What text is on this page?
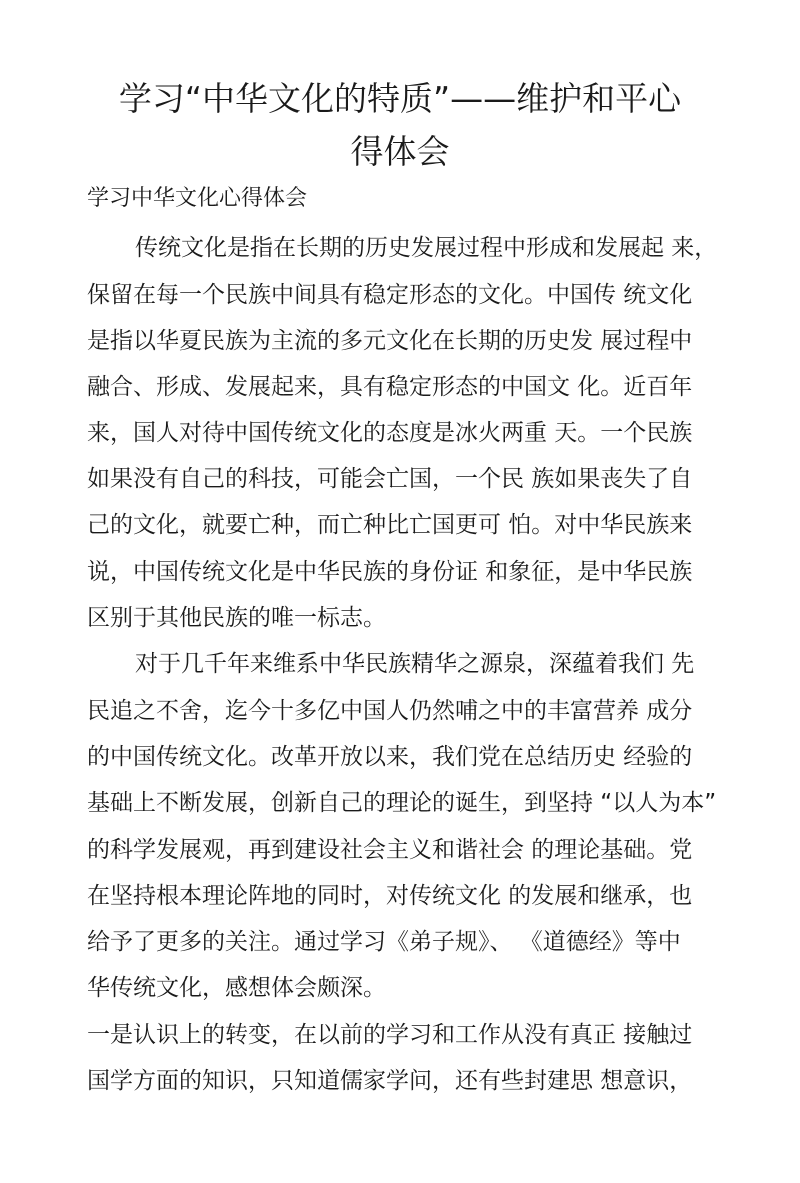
学习“中华文化的特质”——维护和平心
得体会
学习中华文化心得体会
传统文化是指在长期的历史发展过程中形成和发展起 来，
保留在每一个民族中间具有稳定形态的文化。中国传 统文化
是指以华夏民族为主流的多元文化在长期的历史发 展过程中
融合、形成、发展起来，具有稳定形态的中国文 化。近百年
来，国人对待中国传统文化的态度是冰火两重 天。一个民族
如果没有自己的科技，可能会亡国，一个民 族如果丧失了自
己的文化，就要亡种，而亡种比亡国更可 怕。对中华民族来
说，中国传统文化是中华民族的身份证 和象征，是中华民族
区别于其他民族的唯一标志。
对于几千年来维系中华民族精华之源泉，深蕴着我们 先
民追之不舍，迄今十多亿中国人仍然哺之中的丰富营养 成分
的中国传统文化。改革开放以来，我们党在总结历史 经验的
基础上不断发展，创新自己的理论的诞生，到坚持 “以人为本”
的科学发展观，再到建设社会主义和谐社会 的理论基础。党
在坚持根本理论阵地的同时，对传统文化 的发展和继承，也
给予了更多的关注。通过学习《弟子规》、 《道德经》等中
华传统文化，感想体会颇深。
一是认识上的转变，在以前的学习和工作从没有真正 接触过
国学方面的知识，只知道儒家学问，还有些封建思 想意识，
